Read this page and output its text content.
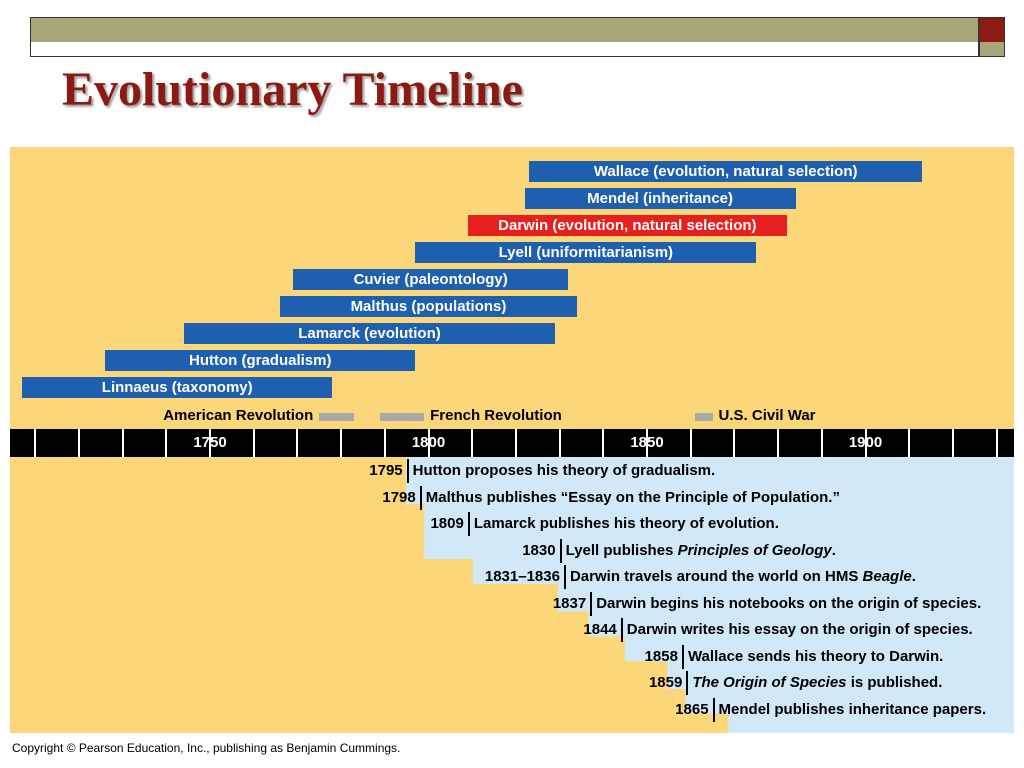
Evolutionary Timeline
Wallace (evolution, natural selection)
Mendel (inheritance)
Darwin (evolution, natural selection)
Lyell (uniformitarianism)
Cuvier (paleontology)
Malthus (populations)
Lamarck (evolution)
Hutton (gradualism)
Linnaeus (taxonomy)
American Revolution	French Revolution	U.S. Civil War
1750	1800	1850	1900
1795 Hutton proposes his theory of gradualism.
1798 Malthus publishes “Essay on the Principle of Population.”
1809 Lamarck publishes his theory of evolution.
1830 Lyell publishes Principles of Geology.
1831–1836 Darwin travels around the world on HMS Beagle.
1837 Darwin begins his notebooks on the origin of species.
1844 Darwin writes his essay on the origin of species.
1858 Wallace sends his theory to Darwin.
1859 The Origin of Species is published.
1865 Mendel publishes inheritance papers.
Copyright © Pearson Education, Inc., publishing as Benjamin Cummings.
